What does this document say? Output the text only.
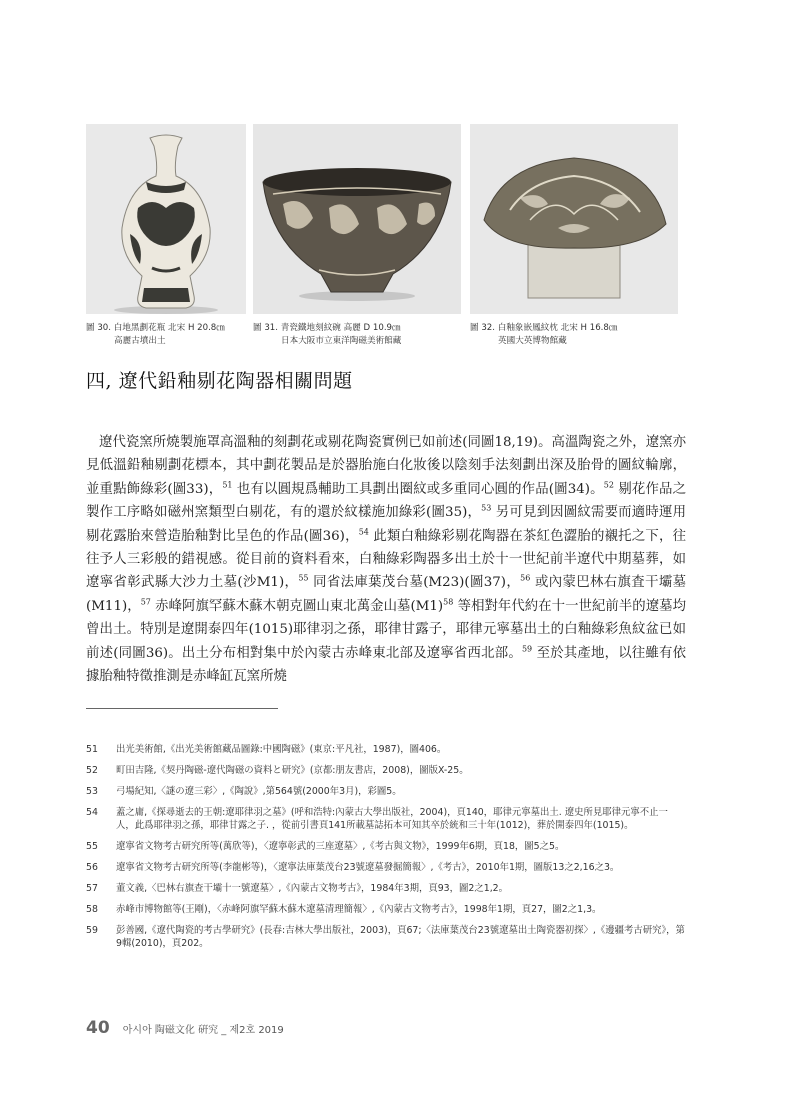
圖 30. 白地黑劃花瓶 北宋 H 20.8㎝
高麗古墳出土
圖 31. 青瓷鐵地刻紋碗 高麗 D 10.9㎝
日本大阪市立東洋陶磁美術館藏
圖 32. 白釉象嵌鳳紋枕 北宋 H 16.8㎝
英國大英博物館藏
四, 遼代鉛釉剔花陶器相關問題

遼代瓷窯所燒製施罩高溫釉的刻劃花或剔花陶瓷實例已如前述(同圖18,19)。高溫陶瓷之外，遼窯亦見低溫鉛釉剔劃花標本，其中劃花製品是於器胎施白化妝後以陰刻手法刻劃出深及胎骨的圖紋輪廓，並重點飾綠彩(圖33)，$^{51}$ 也有以圓規爲輔助工具劃出圈紋或多重同心圓的作品(圖34)。$^{52}$ 剔花作品之製作工序略如磁州窯類型白剔花，有的還於紋樣施加綠彩(圖35)，$^{53}$ 另可見到因圖紋需要而適時運用剔花露胎來營造胎釉對比呈色的作品(圖36)，$^{54}$ 此類白釉綠彩剔花陶器在茶紅色澀胎的襯托之下，往往予人三彩般的錯視感。從目前的資料看來，白釉綠彩陶器多出土於十一世紀前半遼代中期墓葬，如遼寧省彰武縣大沙力土墓(沙M1)，$^{55}$ 同省法庫葉茂台墓(M23)(圖37)，$^{56}$ 或內蒙巴林右旗査干壩墓(M11)，$^{57}$ 赤峰阿旗罕蘇木蘇木朝克圖山東北萬金山墓(M1)$^{58}$ 等相對年代約在十一世紀前半的遼墓均曾出土。特別是遼開泰四年(1015)耶律羽之孫，耶律甘露子，耶律元寧墓出土的白釉綠彩魚紋盆已如前述(同圖36)。出土分布相對集中於內蒙古赤峰東北部及遼寧省西北部。$^{59}$ 至於其產地，以往雖有依據胎釉特徵推測是赤峰缸瓦窯所燒

51 出光美術館,《出光美術館藏品圖錄:中國陶磁》(東京:平凡社，1987)，圖406。
52 町田吉隆,《契丹陶磁-遼代陶磁の資料と研究》(京都:朋友書店，2008)，圖版X-25。
53 弓場紀知,〈謎の遼三彩〉,《陶說》,第564號(2000年3月)，彩圖5。
54 蓋之庸,《探尋逝去的王朝:遼耶律羽之墓》(呼和浩特:內蒙古大學出版社，2004)，頁140，耶律元寧墓出土. 遼史所見耶律元寧不止一人，此爲耶律羽之孫，耶律甘露之子. ，從前引書頁141所載墓誌拓本可知其卒於統和三十年(1012)，葬於開泰四年(1015)。
55 遼寧省文物考古研究所等(萬欣等)，〈遼寧彰武的三座遼墓〉,《考古與文物》，1999年6期，頁18，圖5之5。
56 遼寧省文物考古研究所等(李龍彬等)，〈遼寧法庫葉茂台23號遼墓發掘簡報〉,《考古》，2010年1期，圖版13之2,16之3。
57 董文義,〈巴林右旗查干壩十一號遼墓〉,《內蒙古文物考古》，1984年3期，頁93，圖2之1,2。
58 赤峰市博物館等(王剛)，〈赤峰阿旗罕蘇木蘇木遼墓清理簡報〉,《內蒙古文物考古》，1998年1期，頁27，圖2之1,3。
59 彭善國,《遼代陶瓷的考古學研究》(長春:吉林大學出版社，2003)，頁67;〈法庫葉茂台23號遼墓出土陶瓷器初探〉,《邊疆考古研究》，第9輯(2010)，頁202。
40 아시아 陶磁文化 硏究 _ 제2호 2019
